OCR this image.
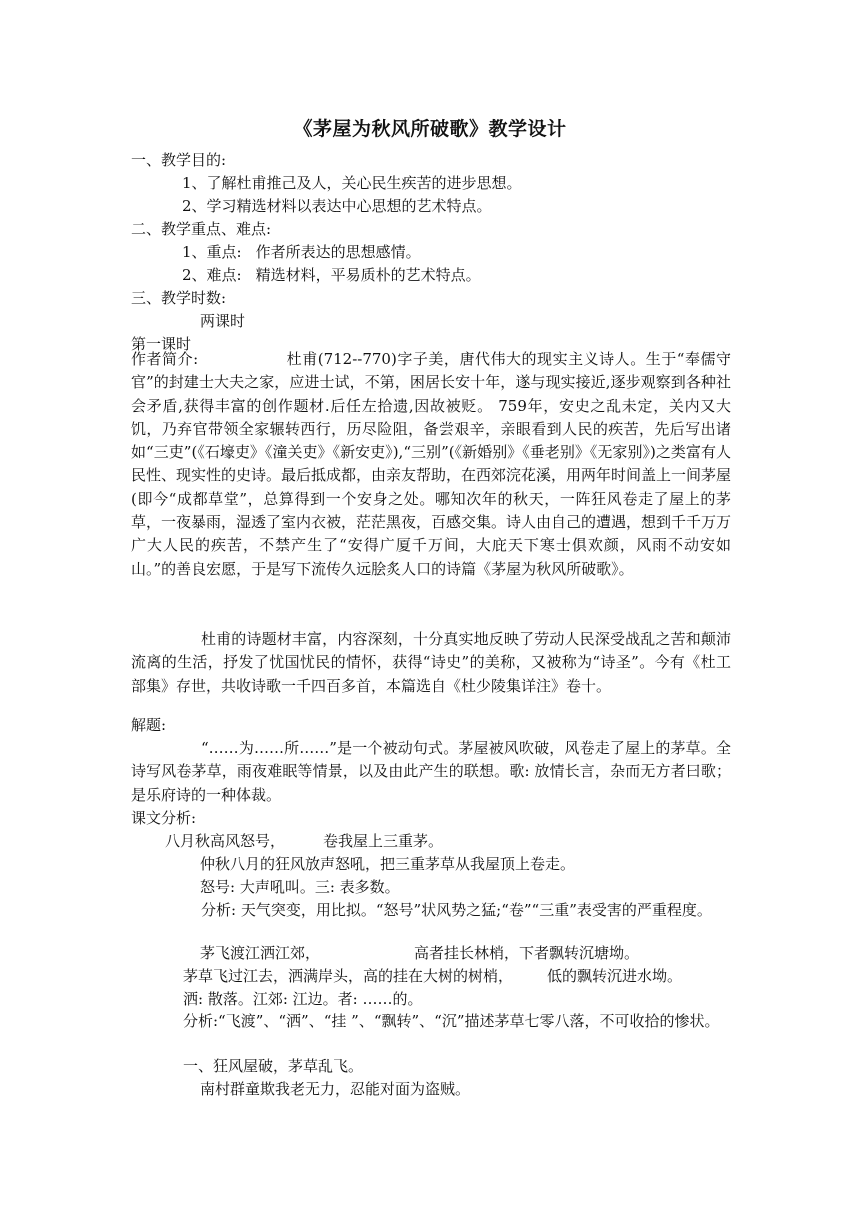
《茅屋为秋风所破歌》教学设计
一、教学目的:
1、了解杜甫推己及人，关心民生疾苦的进步思想。
2、学习精选材料以表达中心思想的艺术特点。
二、教学重点、难点:
1、重点: 作者所表达的思想感情。
2、难点: 精选材料，平易质朴的艺术特点。
三、教学时数:
两课时
第一课时
作者简介:	杜甫(712--770)字子美，唐代伟大的现实主义诗人。生于“奉儒守官”的封建士大夫之家，应进士试，不第，困居长安十年，遂与现实接近,逐步观察到各种社会矛盾,获得丰富的创作题材.后任左拾遗,因故被贬。 759年，安史之乱未定，关内又大饥，乃弃官带领全家辗转西行，历尽险阻，备尝艰辛，亲眼看到人民的疾苦，先后写出诸如“三吏”(《石壕吏》《潼关吏》《新安吏》),“三别”(《新婚别》《垂老别》《无家别》)之类富有人民性、现实性的史诗。最后抵成都，由亲友帮助，在西郊浣花溪，用两年时间盖上一间茅屋 (即今“成都草堂”，总算得到一个安身之处。哪知次年的秋天，一阵狂风卷走了屋上的茅草，一夜暴雨，湿透了室内衣被，茫茫黑夜，百感交集。诗人由自己的遭遇，想到千千万万广大人民的疾苦，不禁产生了“安得广厦千万间，大庇天下寒士俱欢颜，风雨不动安如山。”的善良宏愿，于是写下流传久远脍炙人口的诗篇《茅屋为秋风所破歌》。
杜甫的诗题材丰富，内容深刻，十分真实地反映了劳动人民深受战乱之苦和颠沛流离的生活，抒发了忧国忧民的情怀，获得“诗史”的美称，又被称为“诗圣”。今有《杜工部集》存世，共收诗歌一千四百多首，本篇选自《杜少陵集详注》卷十。
解题:
“……为……所……”是一个被动句式。茅屋被风吹破，风卷走了屋上的茅草。全诗写风卷茅草，雨夜难眠等情景，以及由此产生的联想。歌: 放情长言，杂而无方者曰歌；是乐府诗的一种体裁。
课文分析:
八月秋高风怒号，	卷我屋上三重茅。
仲秋八月的狂风放声怒吼，把三重茅草从我屋顶上卷走。
怒号: 大声吼叫。三: 表多数。
分析: 天气突变，用比拟。“怒号”状风势之猛;“卷”“三重”表受害的严重程度。
茅飞渡江洒江郊，	高者挂长林梢，下者飘转沉塘坳。
茅草飞过江去，洒满岸头，高的挂在大树的树梢， 低的飘转沉进水坳。
洒: 散落。江郊: 江边。者: ……的。
分析:“飞渡”、“洒”、“挂 ”、“飘转”、“沉”描述茅草七零八落，不可收拾的惨状。
一、狂风屋破，茅草乱飞。
南村群童欺我老无力，忍能对面为盗贼。
